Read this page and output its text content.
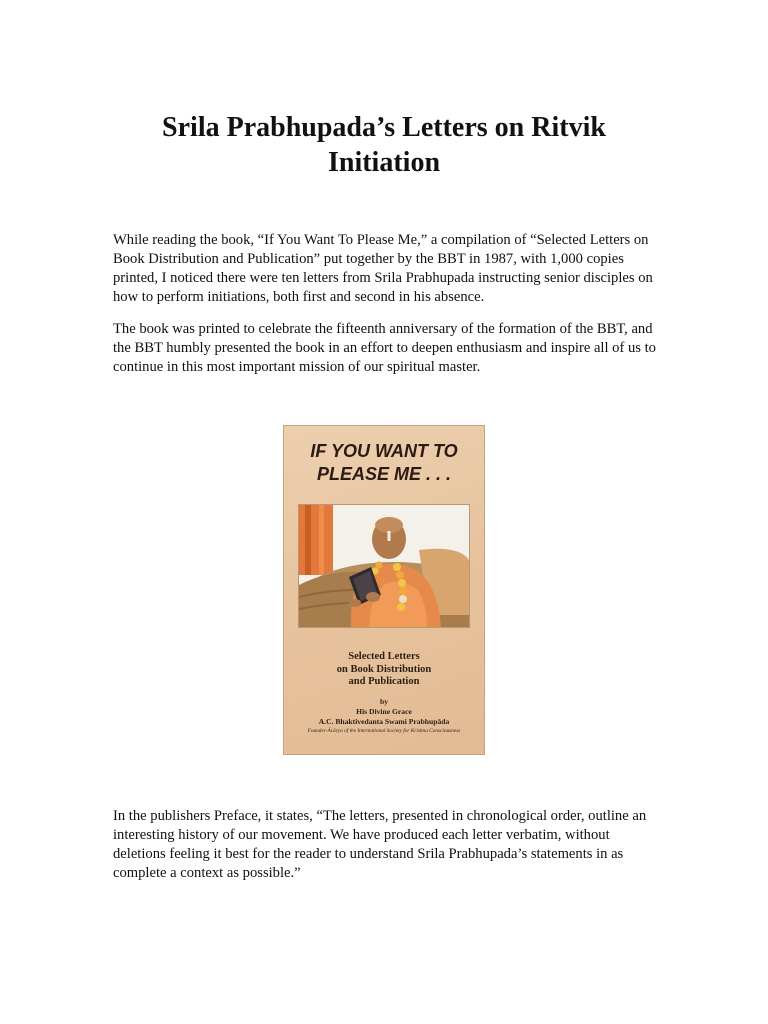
Srila Prabhupada’s Letters on Ritvik
Initiation

While reading the book, “If You Want To Please Me,” a compilation of “Selected Letters on Book Distribution and Publication” put together by the BBT in 1987, with 1,000 copies printed, I noticed there were ten letters from Srila Prabhupada instructing senior disciples on how to perform initiations, both first and second in his absence.

The book was printed to celebrate the fifteenth anniversary of the formation of the BBT, and the BBT humbly presented the book in an effort to deepen enthusiasm and inspire all of us to continue in this most important mission of our spiritual master.

IF YOU WANT TO
PLEASE ME . . .

Selected Letters
on Book Distribution
and Publication

by
His Divine Grace
A.C. Bhaktivedanta Swami Prabhupāda
Founder-Ācārya of the International Society for Krishna Consciousness

In the publishers Preface, it states, “The letters, presented in chronological order, outline an interesting history of our movement. We have produced each letter verbatim, without deletions feeling it best for the reader to understand Srila Prabhupada’s statements in as complete a context as possible.”
